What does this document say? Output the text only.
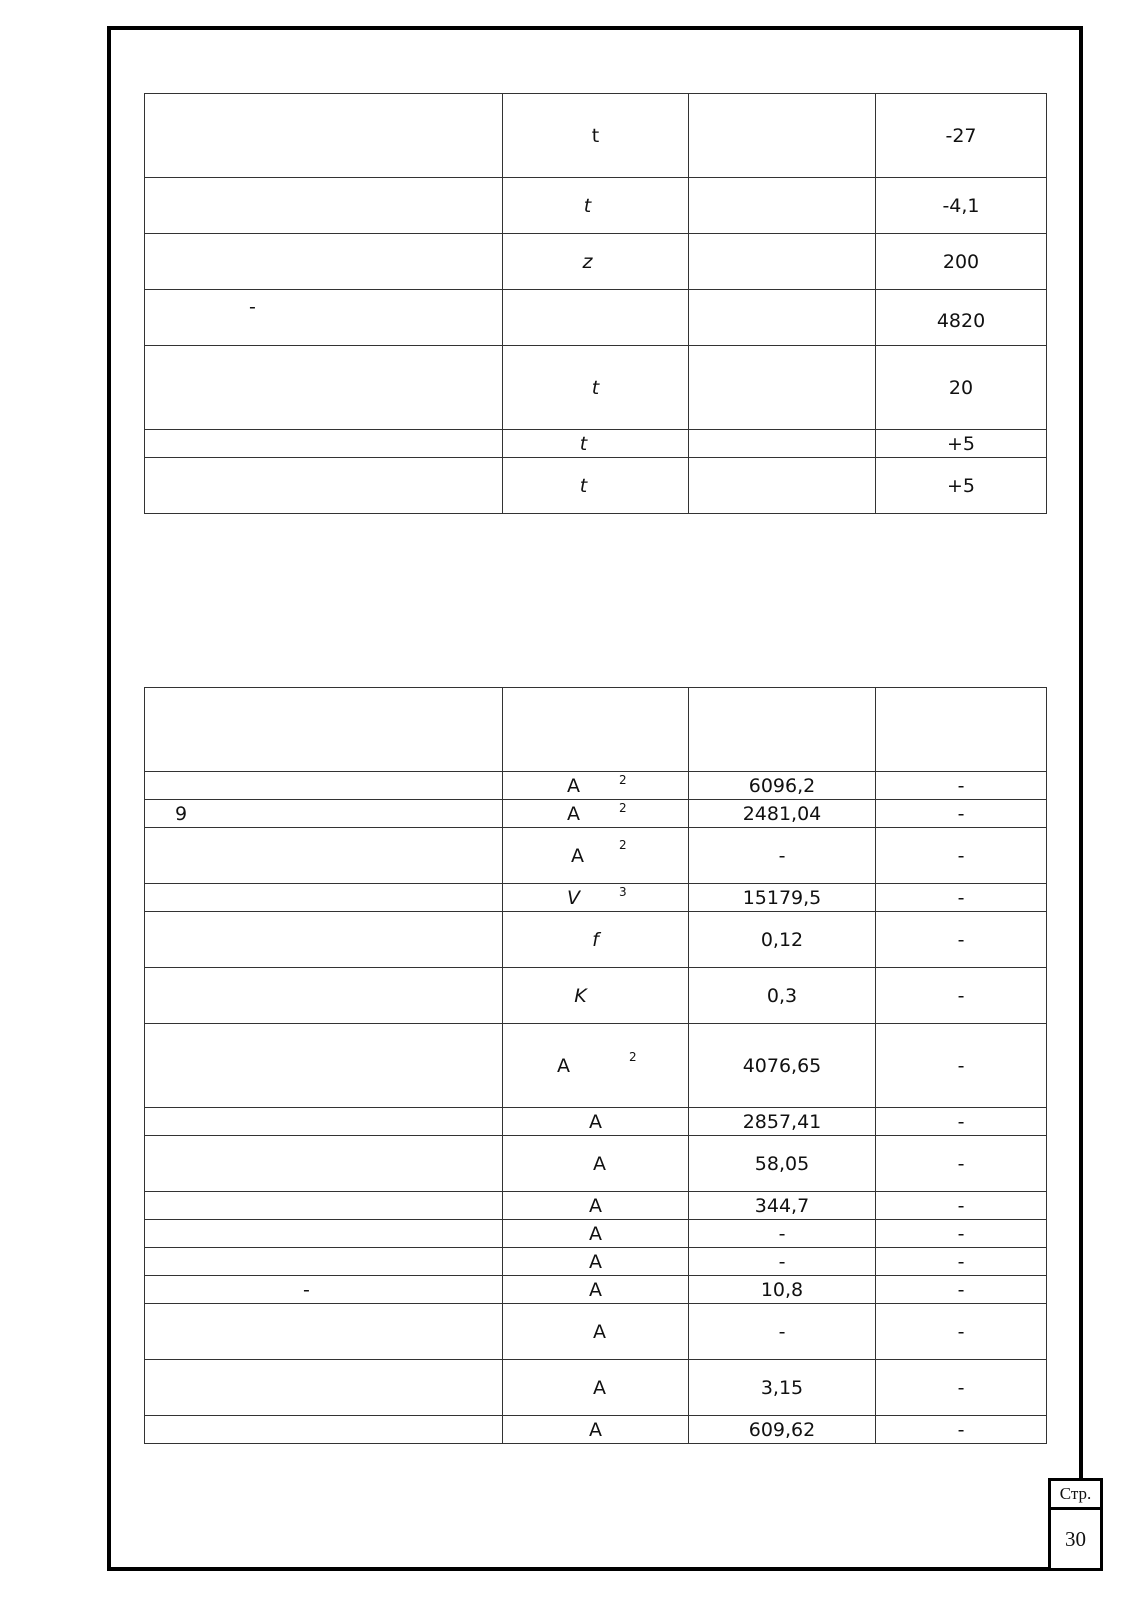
	t		-27
	t		-4,1
	z		200
-			4820
	t		20
	t		+5
	t		+5

	A 2	6096,2	-
9	A 2	2481,04	-
	A 2	-	-
	V 3	15179,5	-
	f	0,12	-
	K	0,3	-
	A 2	4076,65	-
	A	2857,41	-
	A	58,05	-
	A	344,7	-
	A	-	-
	A	-	-
-	A	10,8	-
	A	-	-
	A	3,15	-
	A	609,62	-
Стр.
30
